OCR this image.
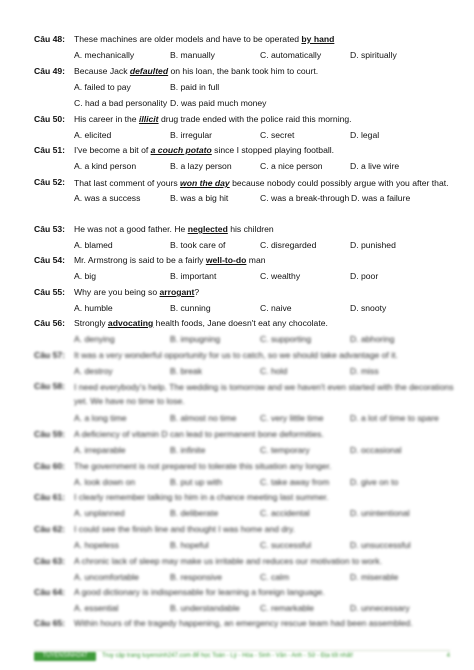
Câu 48: These machines are older models and have to be operated by hand
A. mechanically	B. manually	C. automatically	D. spiritually
Câu 49: Because Jack defaulted on his loan, the bank took him to court.
A. failed to pay	B. paid in full
C. had a bad personality D. was paid much money
Câu 50: His career in the illicit drug trade ended with the police raid this morning.
A. elicited	B. irregular	C. secret	D. legal
Câu 51: I've become a bit of a couch potato since I stopped playing football.
A. a kind person	B. a lazy person	C. a nice person	D. a live wire
Câu 52: That last comment of yours won the day because nobody could possibly argue with you after that.
A. was a success	B. was a big hit	C. was a break-through D. was a failure
Câu 53: He was not a good father. He neglected his children
A. blamed	B. took care of	C. disregarded	D. punished
Câu 54: Mr. Armstrong is said to be a fairly well-to-do man
A. big	B. important	C. wealthy	D. poor
Câu 55: Why are you being so arrogant?
A. humble	B. cunning	C. naive	D. snooty
Câu 56: Strongly advocating health foods, Jane doesn't eat any chocolate.
A. denying	B. impugning	C. supporting	D. abhoring
Câu 57: It was a very wonderful opportunity for us to catch, so we should take advantage of it.
A. destroy	B. break	C. hold	D. miss
Câu 58: I need everybody's help. The wedding is tomorrow and we haven't even started with the decorations yet. We have no time to lose.
A. a long time	B. almost no time	C. very little time	D. a lot of time to spare
Câu 59: A deficiency of vitamin D can lead to permanent bone deformities.
A. irreparable	B. infinite	C. temporary	D. occasional
Câu 60: The government is not prepared to tolerate this situation any longer.
A. look down on	B. put up with	C. take away from D. give on to
Câu 61: I clearly remember talking to him in a chance meeting last summer.
A. unplanned	B. deliberate	C. accidental	D. unintentional
Câu 62: I could see the finish line and thought I was home and dry.
A. hopeless	B. hopeful	C. successful	D. unsuccessful
Câu 63: A chronic lack of sleep may make us irritable and reduces our motivation to work.
A. uncomfortable	B. responsive	C. calm	D. miserable
Câu 64: A good dictionary is indispensable for learning a foreign language.
A. essential	B. understandable C. remarkable	D. unnecessary
Câu 65: Within hours of the tragedy happening, an emergency rescue team had been assembled.
TUYENSINH247	Truy cập trang tuyensinh247.com để học Toán - Lý - Hóa - Sinh - Văn - Anh - Sử - Địa tốt nhất!	4
